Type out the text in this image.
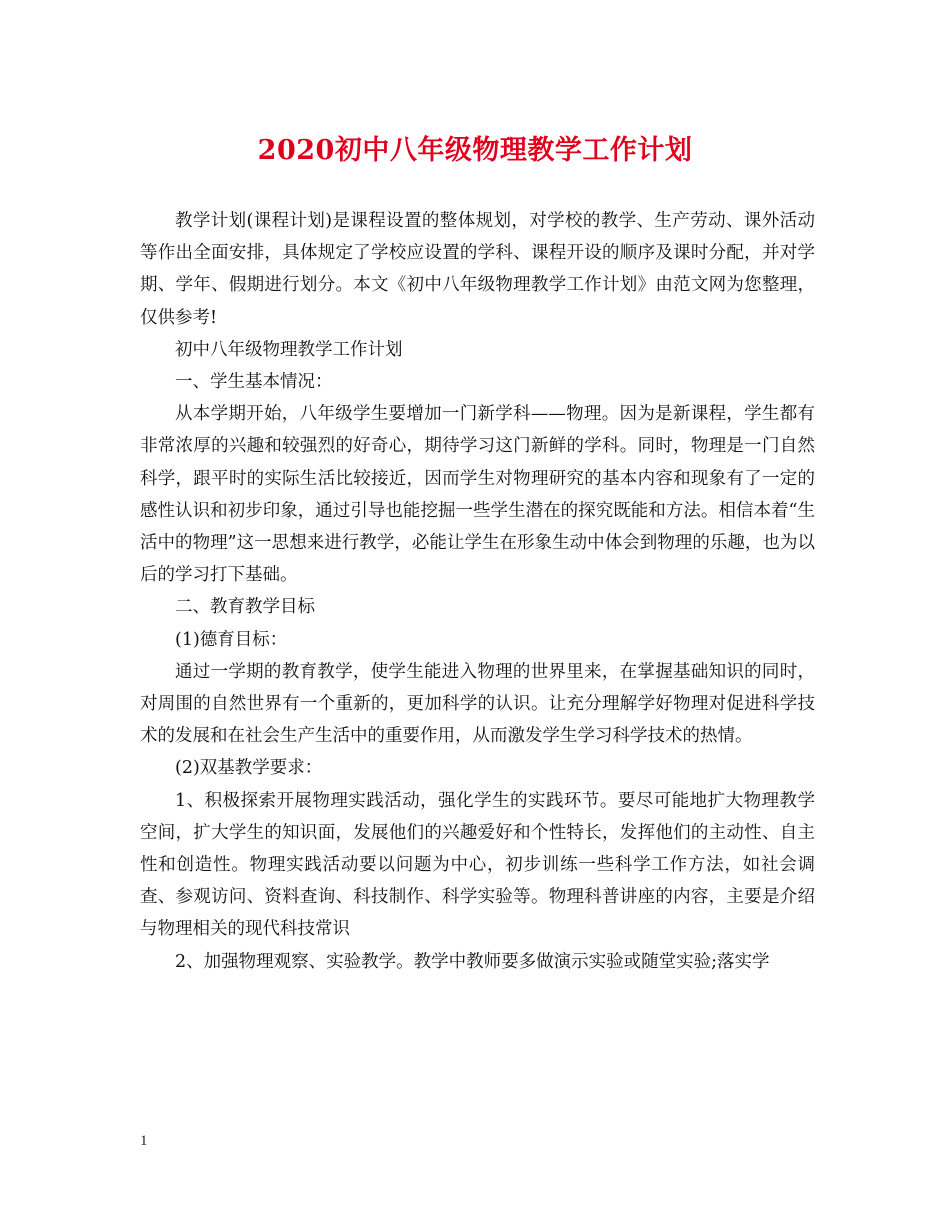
2020初中八年级物理教学工作计划

教学计划(课程计划)是课程设置的整体规划，对学校的教学、生产劳动、课外活动等作出全面安排，具体规定了学校应设置的学科、课程开设的顺序及课时分配，并对学期、学年、假期进行划分。本文《初中八年级物理教学工作计划》由范文网为您整理，仅供参考!

初中八年级物理教学工作计划

一、学生基本情况：

从本学期开始，八年级学生要增加一门新学科——物理。因为是新课程，学生都有非常浓厚的兴趣和较强烈的好奇心，期待学习这门新鲜的学科。同时，物理是一门自然科学，跟平时的实际生活比较接近，因而学生对物理研究的基本内容和现象有了一定的感性认识和初步印象，通过引导也能挖掘一些学生潜在的探究既能和方法。相信本着“生活中的物理”这一思想来进行教学，必能让学生在形象生动中体会到物理的乐趣，也为以后的学习打下基础。

二、教育教学目标

(1)德育目标：

通过一学期的教育教学，使学生能进入物理的世界里来，在掌握基础知识的同时，对周围的自然世界有一个重新的，更加科学的认识。让充分理解学好物理对促进科学技术的发展和在社会生产生活中的重要作用，从而激发学生学习科学技术的热情。

(2)双基教学要求：

1、积极探索开展物理实践活动，强化学生的实践环节。要尽可能地扩大物理教学空间，扩大学生的知识面，发展他们的兴趣爱好和个性特长，发挥他们的主动性、自主性和创造性。物理实践活动要以问题为中心，初步训练一些科学工作方法，如社会调查、参观访问、资料查询、科技制作、科学实验等。物理科普讲座的内容，主要是介绍与物理相关的现代科技常识

2、加强物理观察、实验教学。教学中教师要多做演示实验或随堂实验;落实学

1
